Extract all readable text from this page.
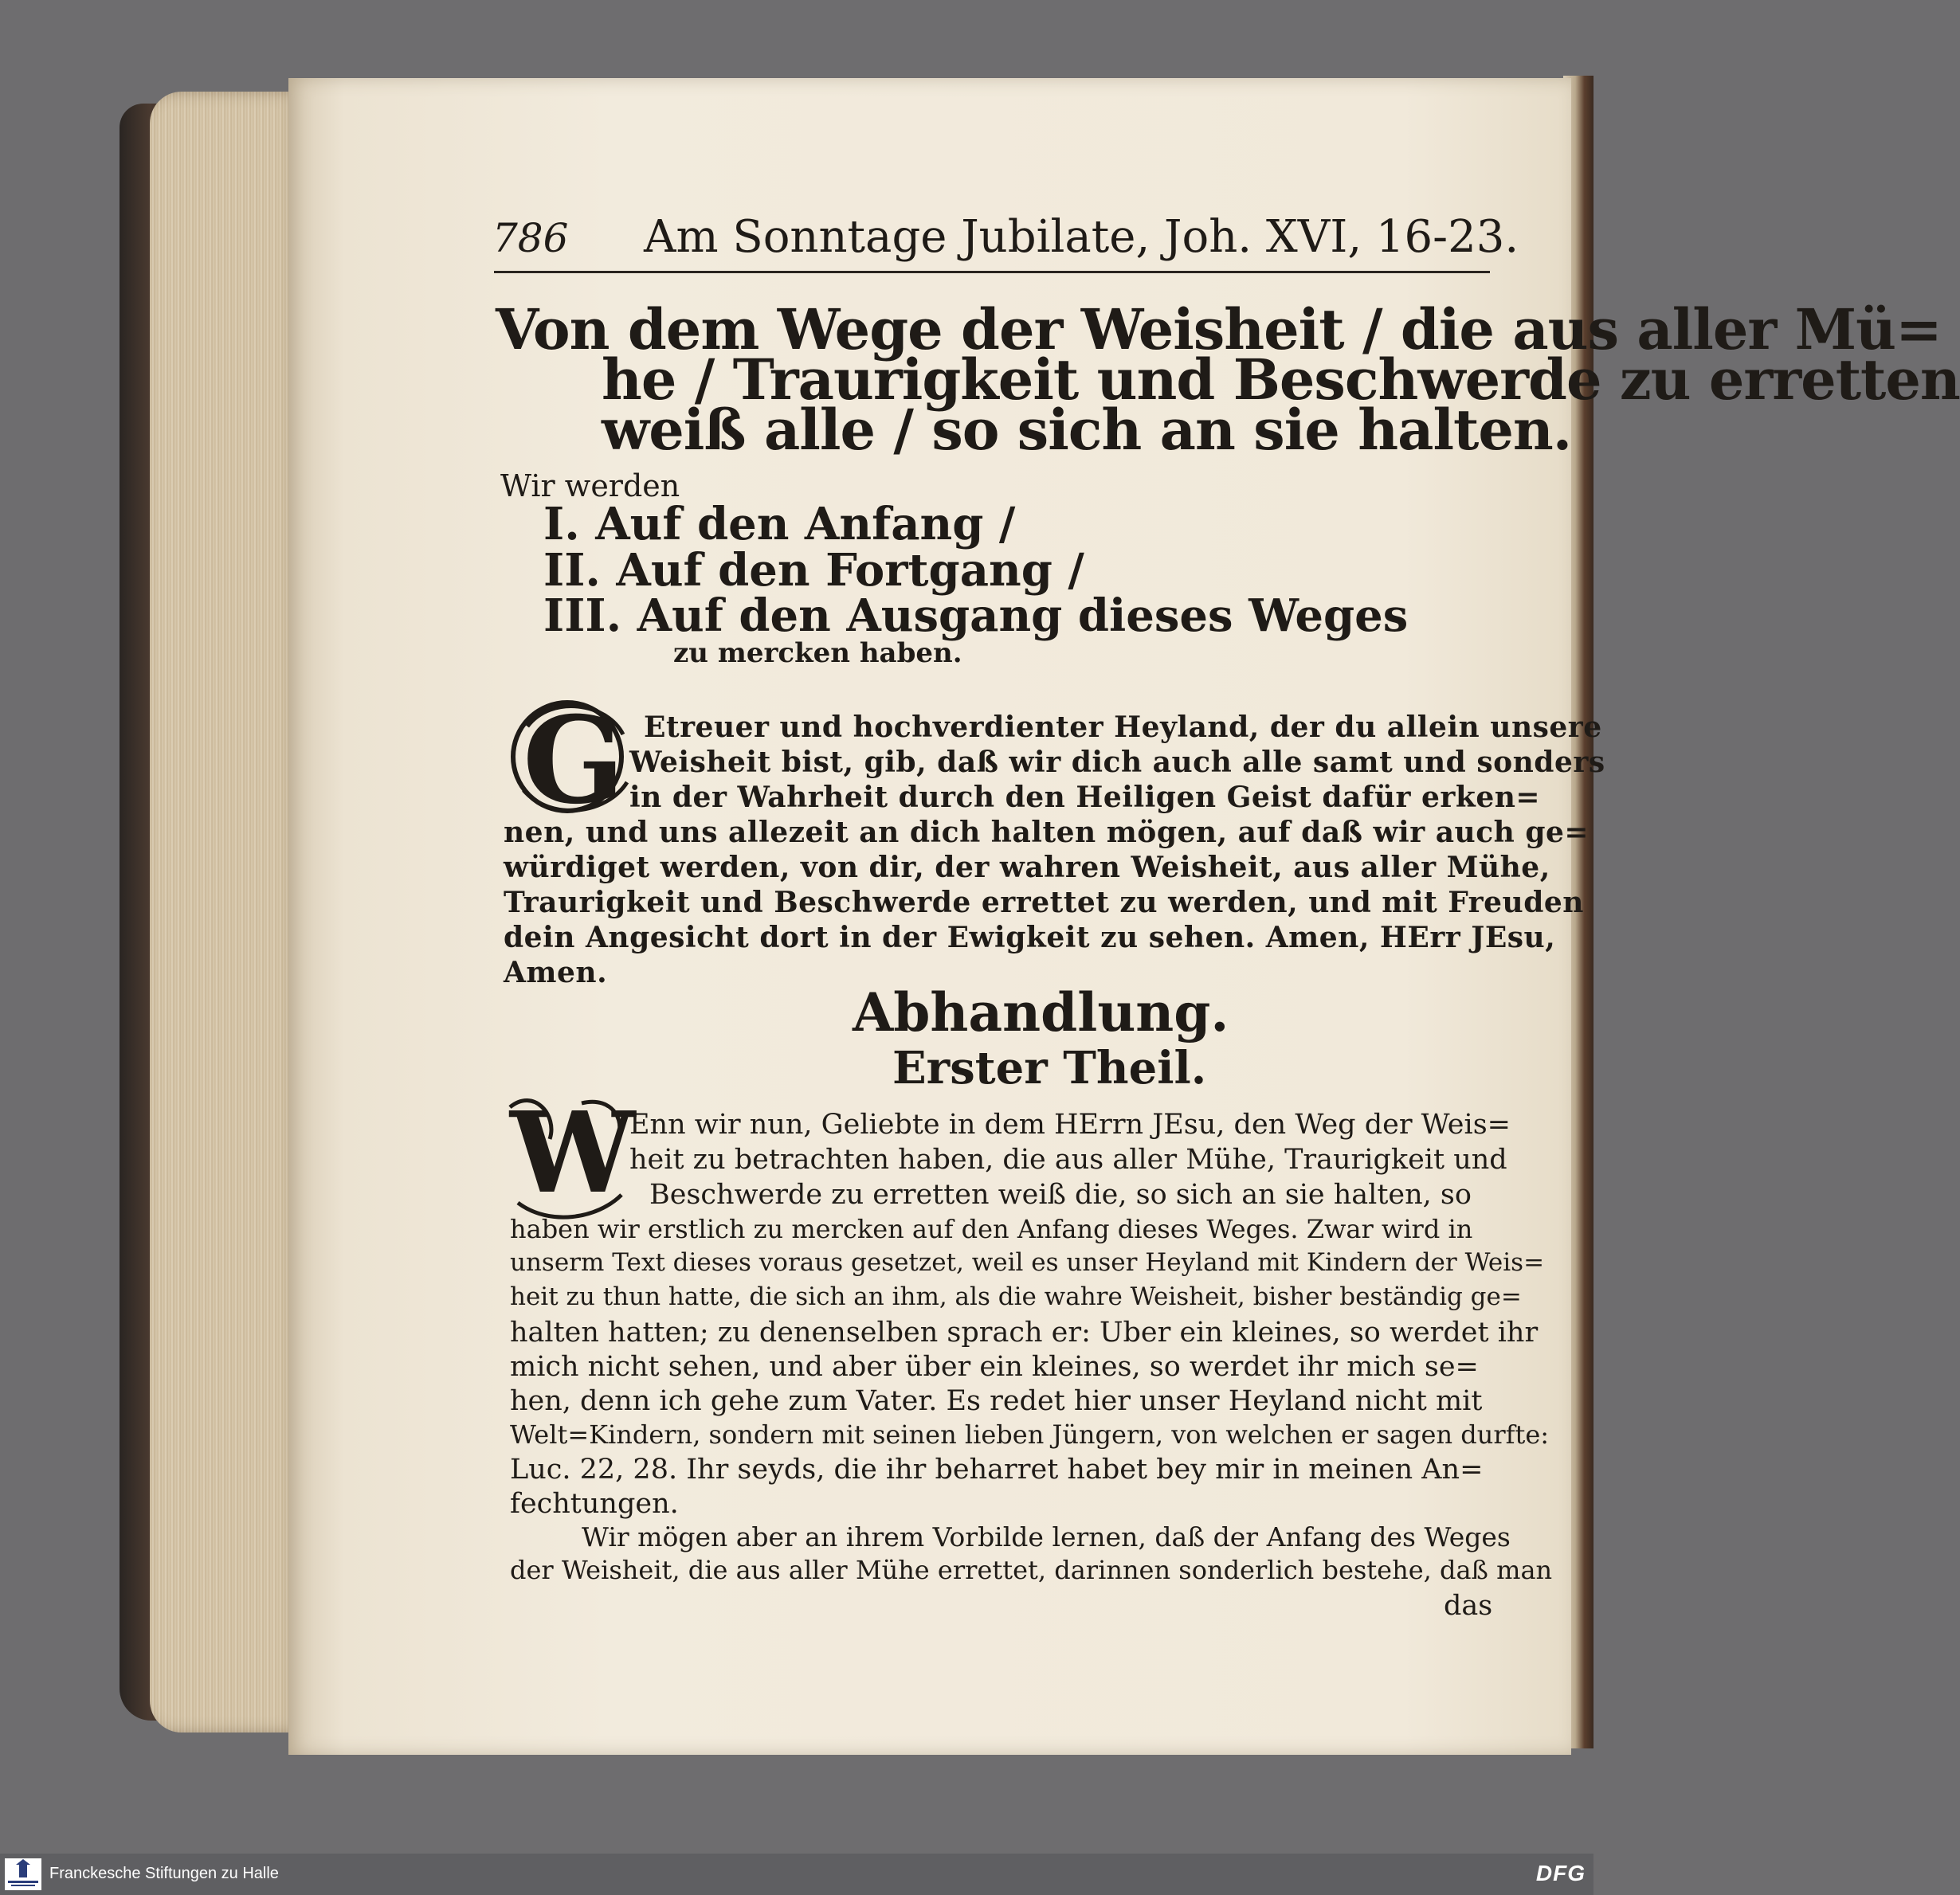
786 Am Sonntage Jubilate, Joh. XVI, 16-23.
Von dem Wege der Weisheit / die aus aller Mü=
he / Traurigkeit und Beschwerde zu erretten
weiß alle / so sich an sie halten.
Wir werden
I. Auf den Anfang /
II. Auf den Fortgang /
III. Auf den Ausgang dieses Weges
zu mercken haben.
G Etreuer und hochverdienter Heyland, der du allein unsere
Weisheit bist, gib, daß wir dich auch alle samt und sonders
in der Wahrheit durch den Heiligen Geist dafür erken=
nen, und uns allezeit an dich halten mögen, auf daß wir auch ge=
würdiget werden, von dir, der wahren Weisheit, aus aller Mühe,
Traurigkeit und Beschwerde errettet zu werden, und mit Freuden
dein Angesicht dort in der Ewigkeit zu sehen. Amen, HErr JEsu,
Amen.
Abhandlung.
Erster Theil.
W
Enn wir nun, Geliebte in dem HErrn JEsu, den Weg der Weis=
heit zu betrachten haben, die aus aller Mühe, Traurigkeit und
Beschwerde zu erretten weiß die, so sich an sie halten, so
haben wir erstlich zu mercken auf den Anfang dieses Weges. Zwar wird in
unserm Text dieses voraus gesetzet, weil es unser Heyland mit Kindern der Weis=
heit zu thun hatte, die sich an ihm, als die wahre Weisheit, bisher beständig ge=
halten hatten; zu denenselben sprach er: Uber ein kleines, so werdet ihr
mich nicht sehen, und aber über ein kleines, so werdet ihr mich se=
hen, denn ich gehe zum Vater. Es redet hier unser Heyland nicht mit
Welt=Kindern, sondern mit seinen lieben Jüngern, von welchen er sagen durfte:
Luc. 22, 28. Ihr seyds, die ihr beharret habet bey mir in meinen An=
fechtungen.
Wir mögen aber an ihrem Vorbilde lernen, daß der Anfang des Weges
der Weisheit, die aus aller Mühe errettet, darinnen sonderlich bestehe, daß man
das
Franckesche Stiftungen zu Halle	DFG
